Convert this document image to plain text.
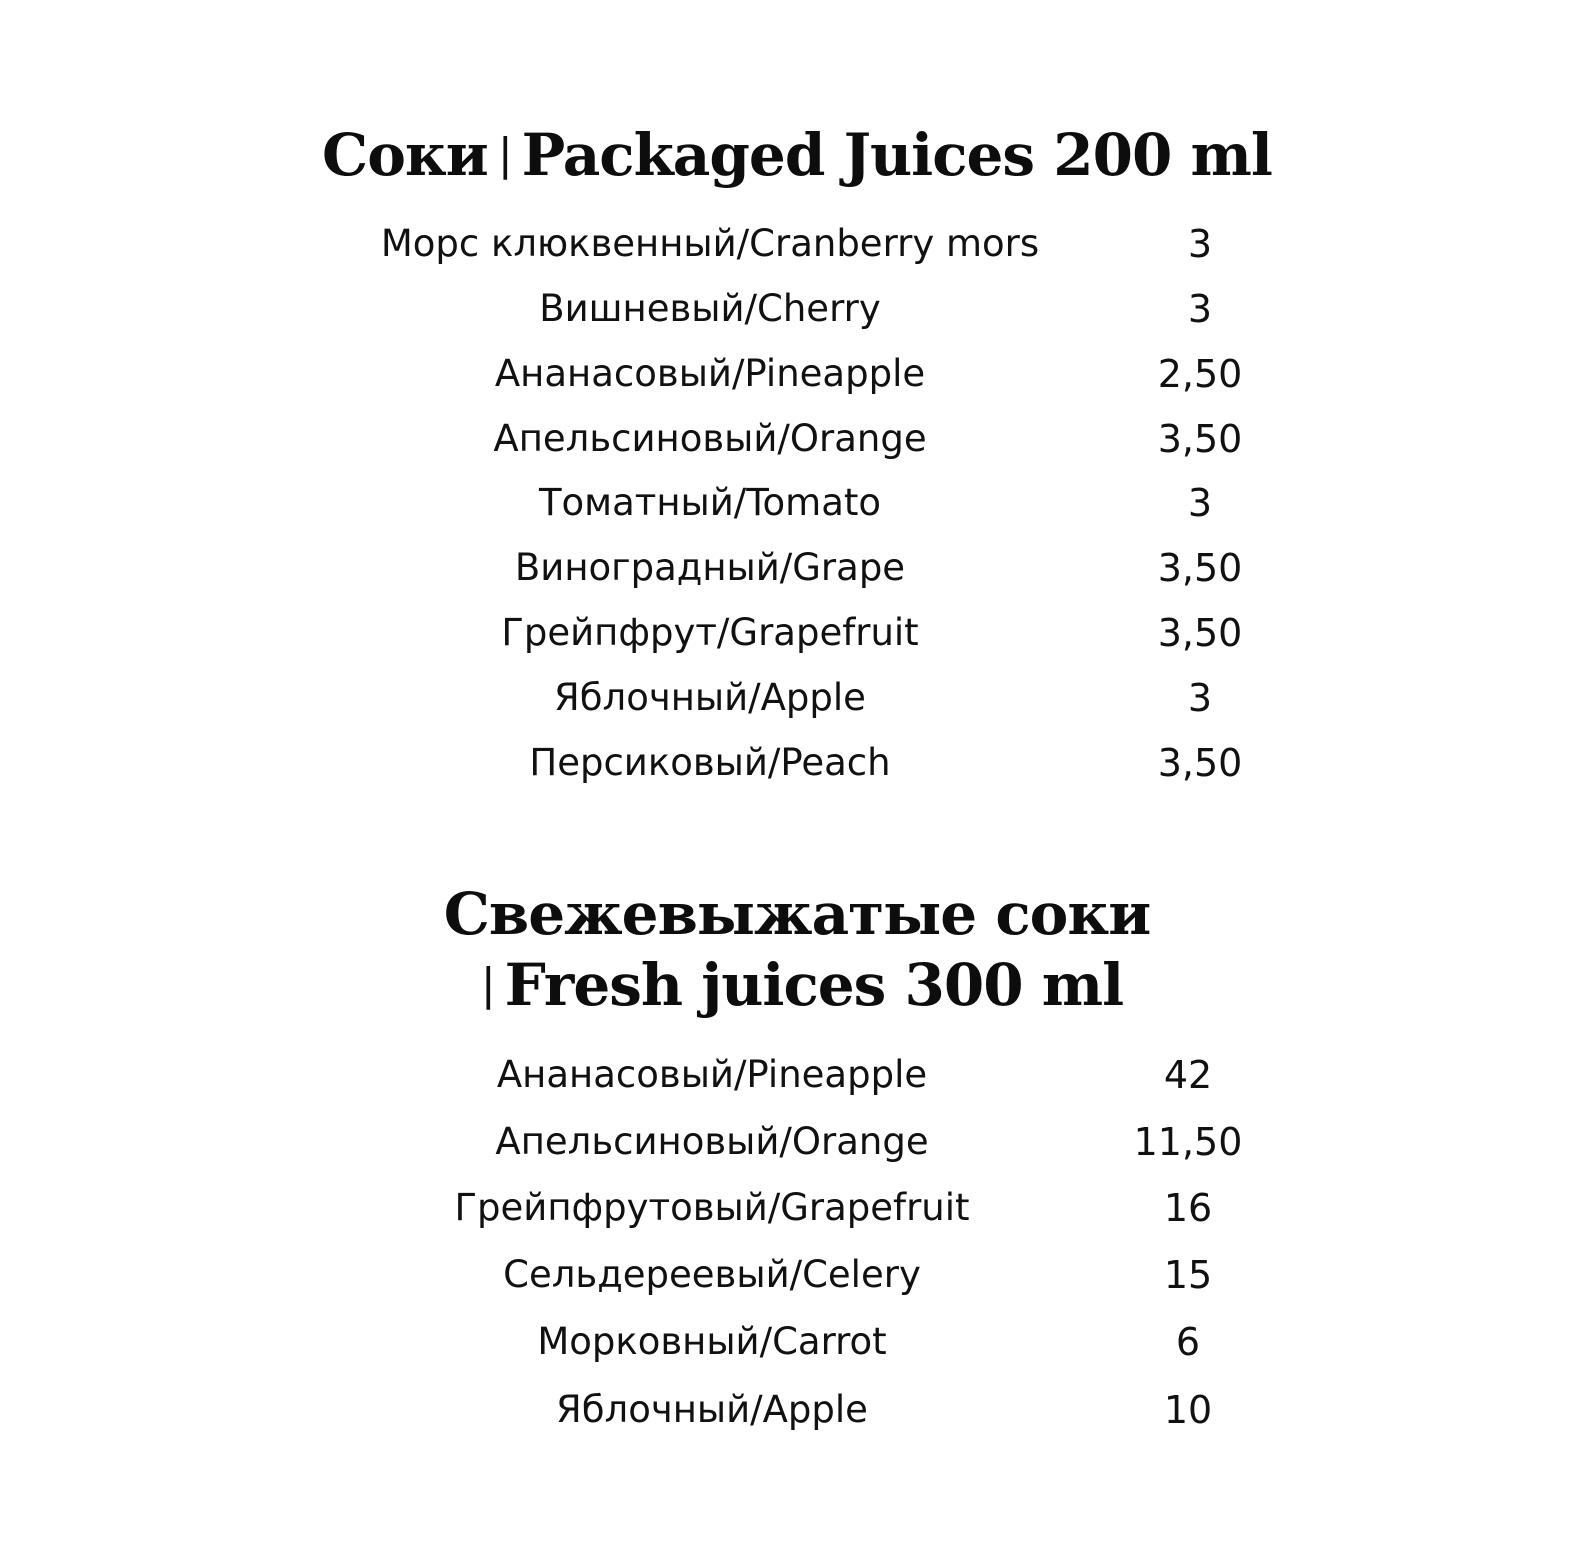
Соки | Packaged Juices 200 ml
Морс клюквенный/Cranberry mors	3
Вишневый/Cherry	3
Ананасовый/Pineapple	2,50
Апельсиновый/Orange	3,50
Томатный/Tomato	3
Виноградный/Grape	3,50
Грейпфрут/Grapefruit	3,50
Яблочный/Apple	3
Персиковый/Peach	3,50
Свежевыжатые соки
| Fresh juices 300 ml
Ананасовый/Pineapple	42
Апельсиновый/Orange	11,50
Грейпфрутовый/Grapefruit	16
Сельдереевый/Celery	15
Морковный/Carrot	6
Яблочный/Apple	10
